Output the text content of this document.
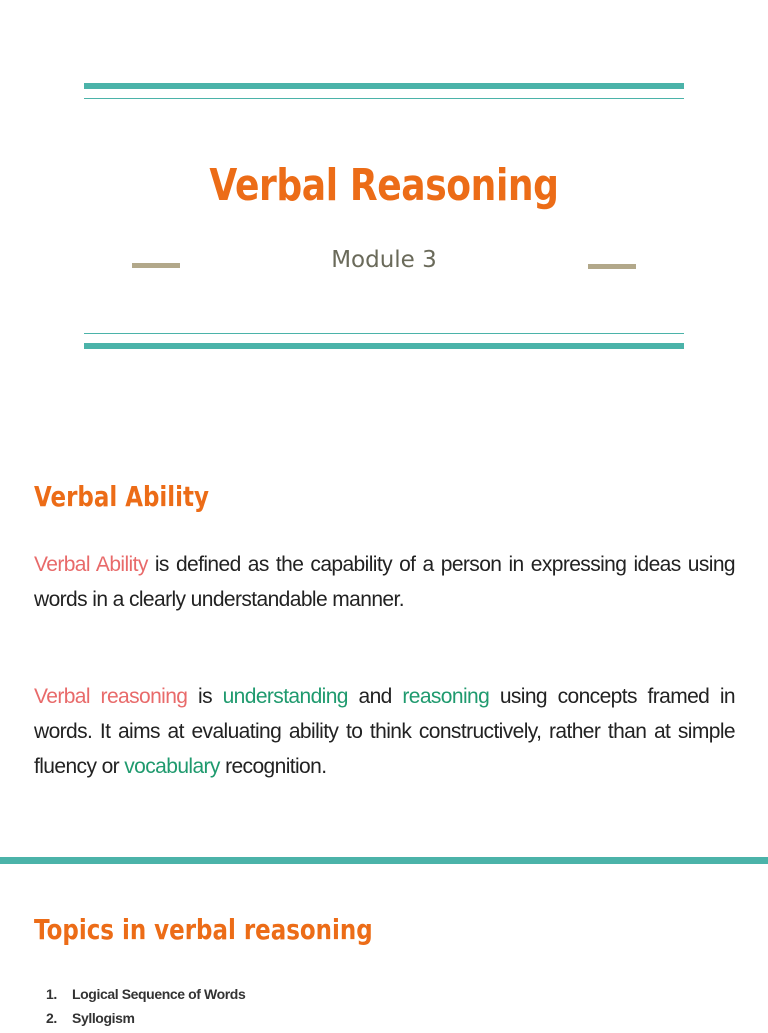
Verbal Reasoning
Module 3
Verbal Ability

Verbal Ability is defined as the capability of a person in expressing ideas using words in a clearly understandable manner.

Verbal reasoning is understanding and reasoning using concepts framed in words. It aims at evaluating ability to think constructively, rather than at simple fluency or vocabulary recognition.

Topics in verbal reasoning
1. Logical Sequence of Words
2. Syllogism
